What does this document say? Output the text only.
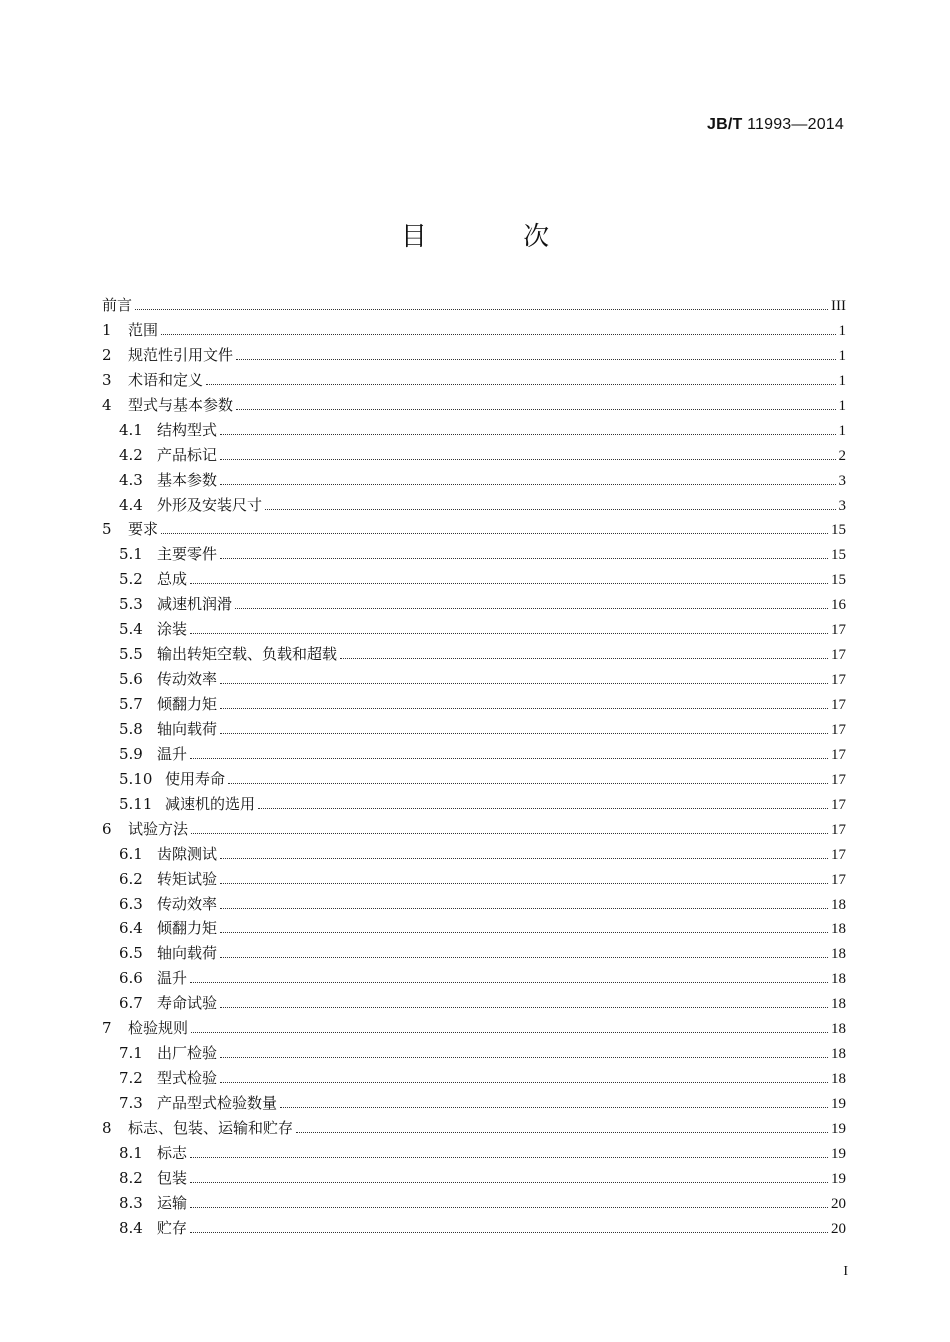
JB/T 11993—2014
目 次
前言	III
1	范围	1
2	规范性引用文件	1
3	术语和定义	1
4	型式与基本参数	1
4.1 结构型式	1
4.2 产品标记	2
4.3 基本参数	3
4.4 外形及安装尺寸	3
5	要求	15
5.1 主要零件	15
5.2 总成	15
5.3 减速机润滑	16
5.4 涂装	17
5.5 输出转矩空载、负载和超载	17
5.6 传动效率	17
5.7 倾翻力矩	17
5.8 轴向载荷	17
5.9 温升	17
5.10 使用寿命	17
5.11 减速机的选用	17
6	试验方法	17
6.1 齿隙测试	17
6.2 转矩试验	17
6.3 传动效率	18
6.4 倾翻力矩	18
6.5 轴向载荷	18
6.6 温升	18
6.7 寿命试验	18
7	检验规则	18
7.1 出厂检验	18
7.2 型式检验	18
7.3 产品型式检验数量	19
8	标志、包装、运输和贮存	19
8.1 标志	19
8.2 包装	19
8.3 运输	20
8.4 贮存	20
I
